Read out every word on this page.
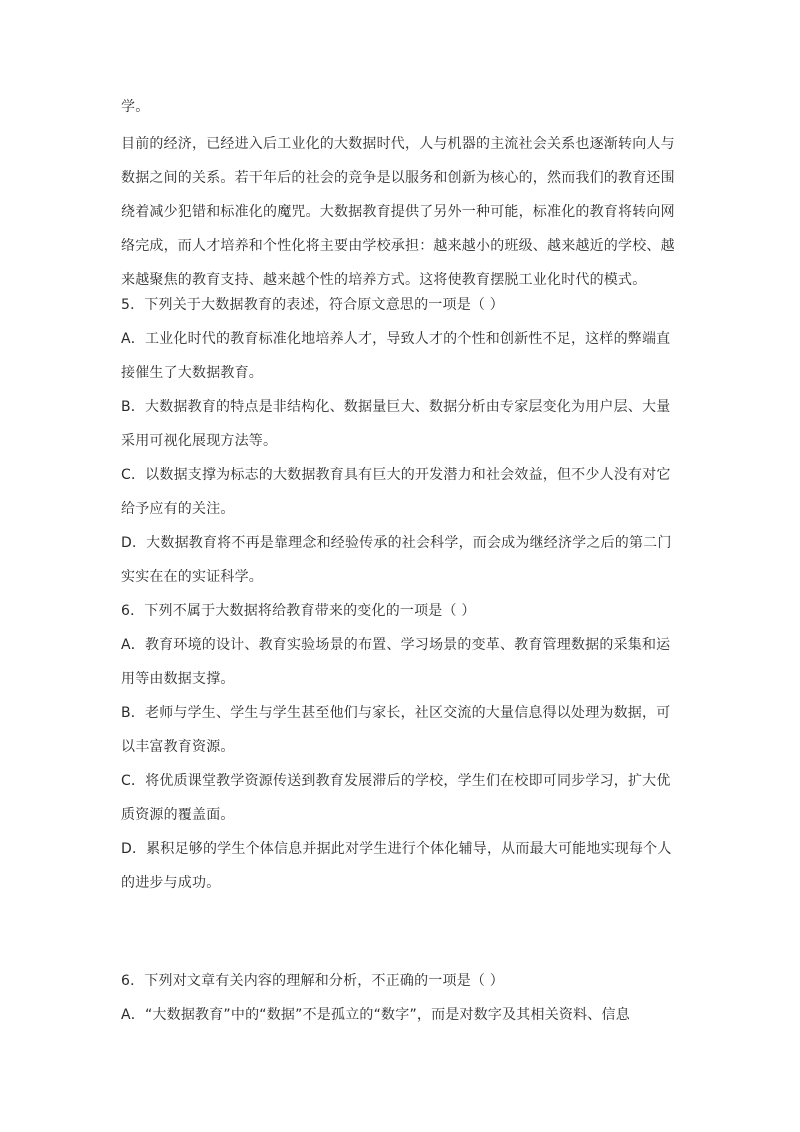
学。
目前的经济，已经进入后工业化的大数据时代，人与机器的主流社会关系也逐渐转向人与
数据之间的关系。若干年后的社会的竞争是以服务和创新为核心的，然而我们的教育还围
绕着减少犯错和标准化的魔咒。大数据教育提供了另外一种可能，标准化的教育将转向网
络完成，而人才培养和个性化将主要由学校承担：越来越小的班级、越来越近的学校、越
来越聚焦的教育支持、越来越个性的培养方式。这将使教育摆脱工业化时代的模式。
5．下列关于大数据教育的表述，符合原文意思的一项是（ ）
A．工业化时代的教育标准化地培养人才，导致人才的个性和创新性不足，这样的弊端直
接催生了大数据教育。
B．大数据教育的特点是非结构化、数据量巨大、数据分析由专家层变化为用户层、大量
采用可视化展现方法等。
C．以数据支撑为标志的大数据教育具有巨大的开发潜力和社会效益，但不少人没有对它
给予应有的关注。
D．大数据教育将不再是靠理念和经验传承的社会科学，而会成为继经济学之后的第二门
实实在在的实证科学。
6．下列不属于大数据将给教育带来的变化的一项是（ ）
A．教育环境的设计、教育实验场景的布置、学习场景的变革、教育管理数据的采集和运
用等由数据支撑。
B．老师与学生、学生与学生甚至他们与家长，社区交流的大量信息得以处理为数据，可
以丰富教育资源。
C．将优质课堂教学资源传送到教育发展滞后的学校，学生们在校即可同步学习，扩大优
质资源的覆盖面。
D．累积足够的学生个体信息并据此对学生进行个体化辅导，从而最大可能地实现每个人
的进步与成功。
6．下列对文章有关内容的理解和分析，不正确的一项是（ ）
A．“大数据教育”中的“数据”不是孤立的“数字”，而是对数字及其相关资料、信息
